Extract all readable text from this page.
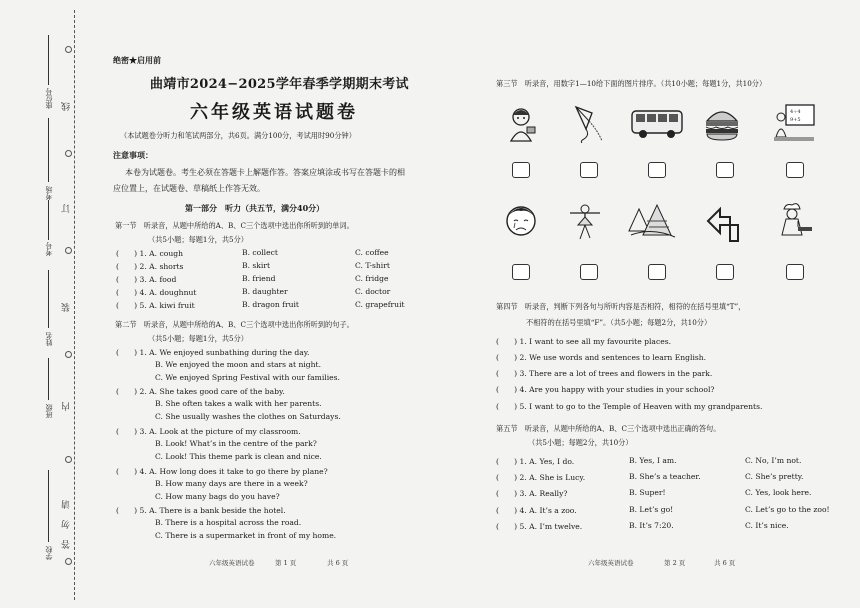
座位号
考场
考号
姓名
班级
学校
线
订
装
内
请
勿
答
绝密★启用前
曲靖市2024−2025学年春季学期期末考试
六年级英语试题卷
（本试题卷分听力和笔试两部分，共6页。满分100分，考试用时90分钟）
注意事项：
本卷为试题卷。考生必须在答题卡上解题作答。答案应填涂或书写在答题卡的相
应位置上，在试题卷、草稿纸上作答无效。
第一部分　听力（共五节，满分40分）
第一节　听录音，从题中所给的A、B、C三个选项中选出你所听到的单词。
（共5小题；每题1分，共5分）
(　　) 1. A. cough	B. collect	C. coffee
(　　) 2. A. shorts	B. skirt	C. T-shirt
(　　) 3. A. food	B. friend	C. fridge
(　　) 4. A. doughnut	B. daughter	C. doctor
(　　) 5. A. kiwi fruit	B. dragon fruit	C. grapefruit
第二节　听录音，从题中所给的A、B、C三个选项中选出你所听到的句子。
（共5小题；每题1分，共5分）
(　　) 1. A. We enjoyed sunbathing during the day.
B. We enjoyed the moon and stars at night.
C. We enjoyed Spring Festival with our families.
(　　) 2. A. She takes good care of the baby.
B. She often takes a walk with her parents.
C. She usually washes the clothes on Saturdays.
(　　) 3. A. Look at the picture of my classroom.
B. Look! What’s in the centre of the park?
C. Look! This theme park is clean and nice.
(　　) 4. A. How long does it take to go there by plane?
B. How many days are there in a week?
C. How many bags do you have?
(　　) 5. A. There is a bank beside the hotel.
B. There is a hospital across the road.
C. There is a supermarket in front of my home.
六年级英语试卷	第 1 页	共 6 页
第三节　听录音，用数字1—10给下面的图片排序。（共10小题；每题1分，共10分）
4÷4
9+5
第四节　听录音，判断下列各句与所听内容是否相符，相符的在括号里填“T”，
不相符的在括号里填“F”。（共5小题；每题2分，共10分）
(　　) 1. I want to see all my favourite places.
(　　) 2. We use words and sentences to learn English.
(　　) 3. There are a lot of trees and flowers in the park.
(　　) 4. Are you happy with your studies in your school?
(　　) 5. I want to go to the Temple of Heaven with my grandparents.
第五节　听录音，从题中所给的A、B、C三个选项中选出正确的答句。
（共5小题；每题2分，共10分）
(　　) 1. A. Yes, I do.	B. Yes, I am.	C. No, I’m not.
(　　) 2. A. She is Lucy.	B. She’s a teacher.	C. She’s pretty.
(　　) 3. A. Really?	B. Super!	C. Yes, look here.
(　　) 4. A. It’s a zoo.	B. Let’s go!	C. Let’s go to the zoo!
(　　) 5. A. I’m twelve.	B. It’s 7:20.	C. It’s nice.
六年级英语试卷	第 2 页	共 6 页
